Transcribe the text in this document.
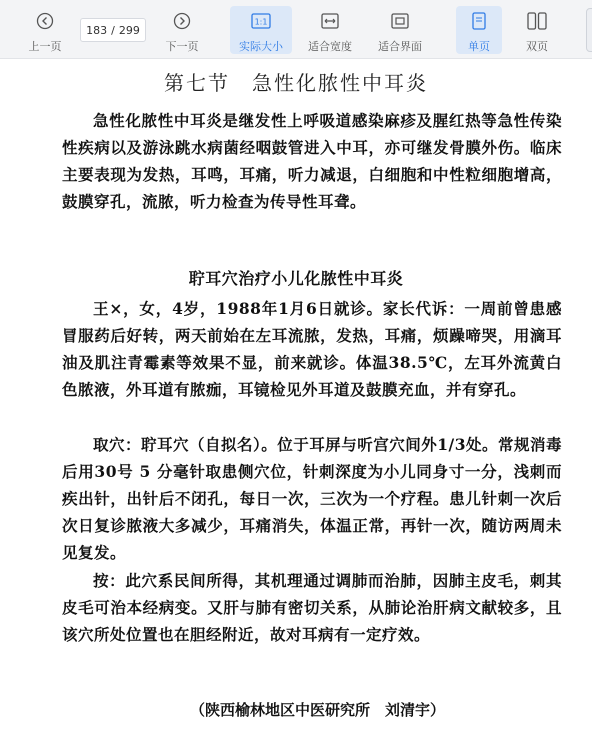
上一页
183 / 299
下一页
1:1
实际大小 适合宽度 适合界面	单页	双页
第七节　急性化脓性中耳炎
急性化脓性中耳炎是继发性上呼吸道感染麻疹及腥红热等急性传染性疾病以及游泳跳水病菌经咽鼓管进入中耳，亦可继发骨膜外伤。临床主要表现为发热，耳鸣，耳痛，听力减退，白细胞和中性粒细胞增高，鼓膜穿孔，流脓，听力检查为传导性耳聋。
聍耳穴治疗小儿化脓性中耳炎
王×，女，4岁，1988年1月6日就诊。家长代诉：一周前曾患感冒服药后好转，两天前始在左耳流脓，发热，耳痛，烦躁啼哭，用滴耳油及肌注青霉素等效果不显，前来就诊。体温38.5℃，左耳外流黄白色脓液，外耳道有脓痂，耳镜检见外耳道及鼓膜充血，并有穿孔。
取穴：聍耳穴（自拟名）。位于耳屏与听宫穴间外1/3处。常规消毒后用30号 5 分毫针取患侧穴位，针刺深度为小儿同身寸一分，浅刺而疾出针，出针后不闭孔，每日一次，三次为一个疗程。患儿针刺一次后次日复诊脓液大多减少，耳痛消失，体温正常，再针一次，随访两周未见复发。
按：此穴系民间所得，其机理通过调肺而治肺，因肺主皮毛，刺其皮毛可治本经病变。又肝与肺有密切关系，从肺论治肝病文献较多，且该穴所处位置也在胆经附近，故对耳病有一定疗效。
（陕西榆林地区中医研究所　刘清宇）
